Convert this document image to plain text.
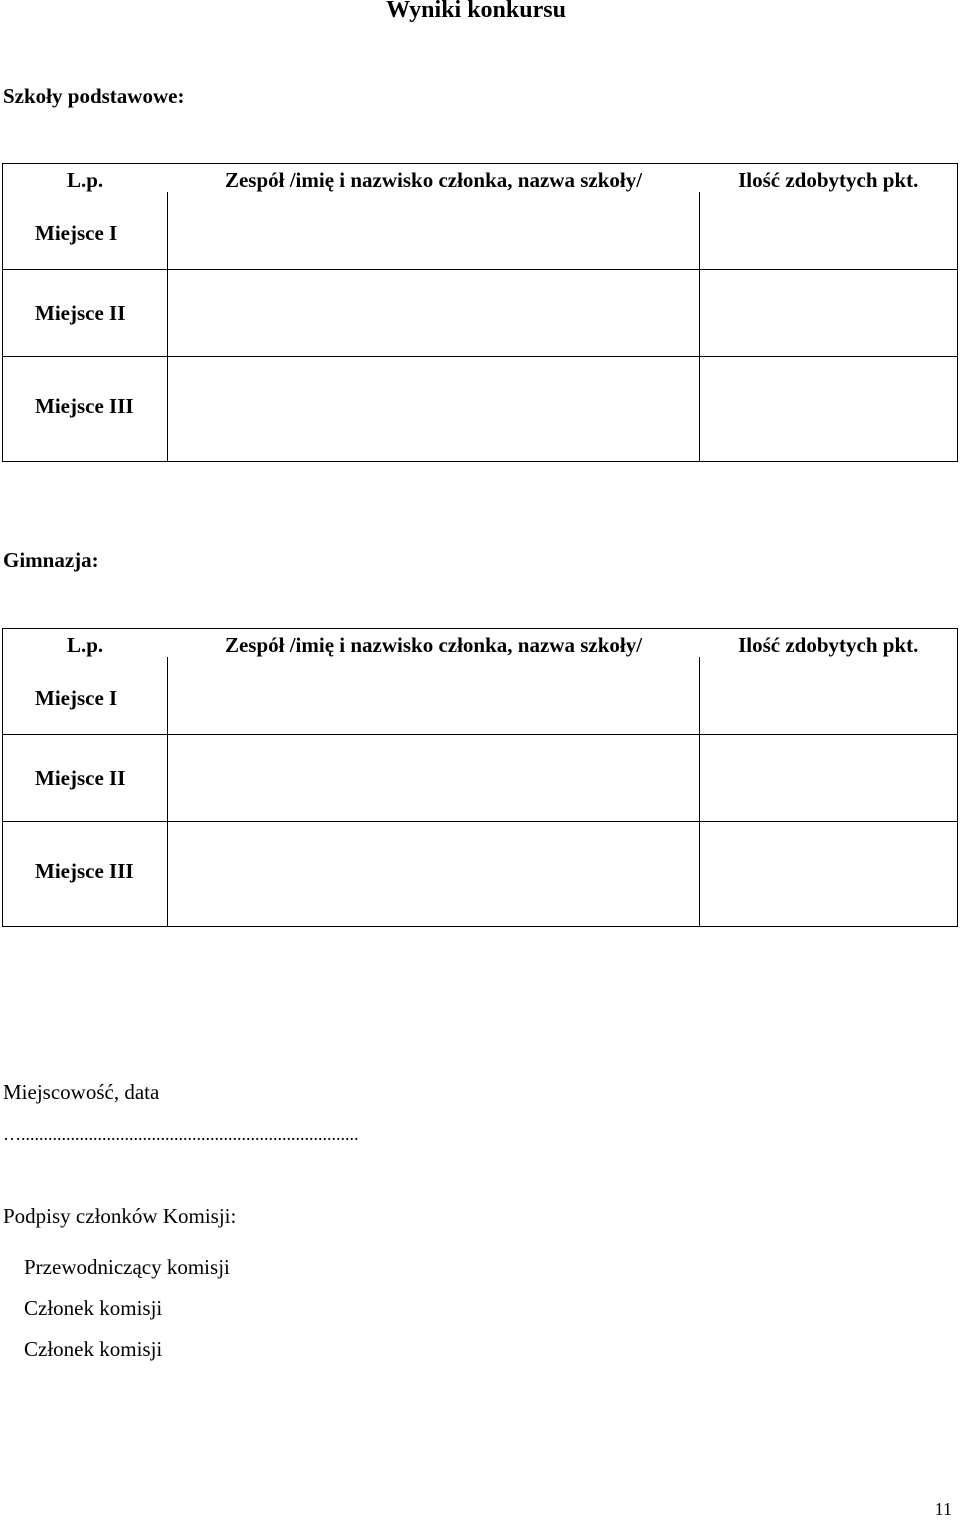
Wyniki konkursu
Szkoły podstawowe:
L.p.	Zespół /imię i nazwisko członka, nazwa szkoły/	Ilość zdobytych pkt.
Miejsce I		
Miejsce II		
Miejsce III		
Gimnazja:
L.p.	Zespół /imię i nazwisko członka, nazwa szkoły/	Ilość zdobytych pkt.
Miejsce I		
Miejsce II		
Miejsce III		
Miejscowość, data
…...........................................................................
Podpisy członków Komisji:
Przewodniczący komisji
Członek komisji
Członek komisji
11
